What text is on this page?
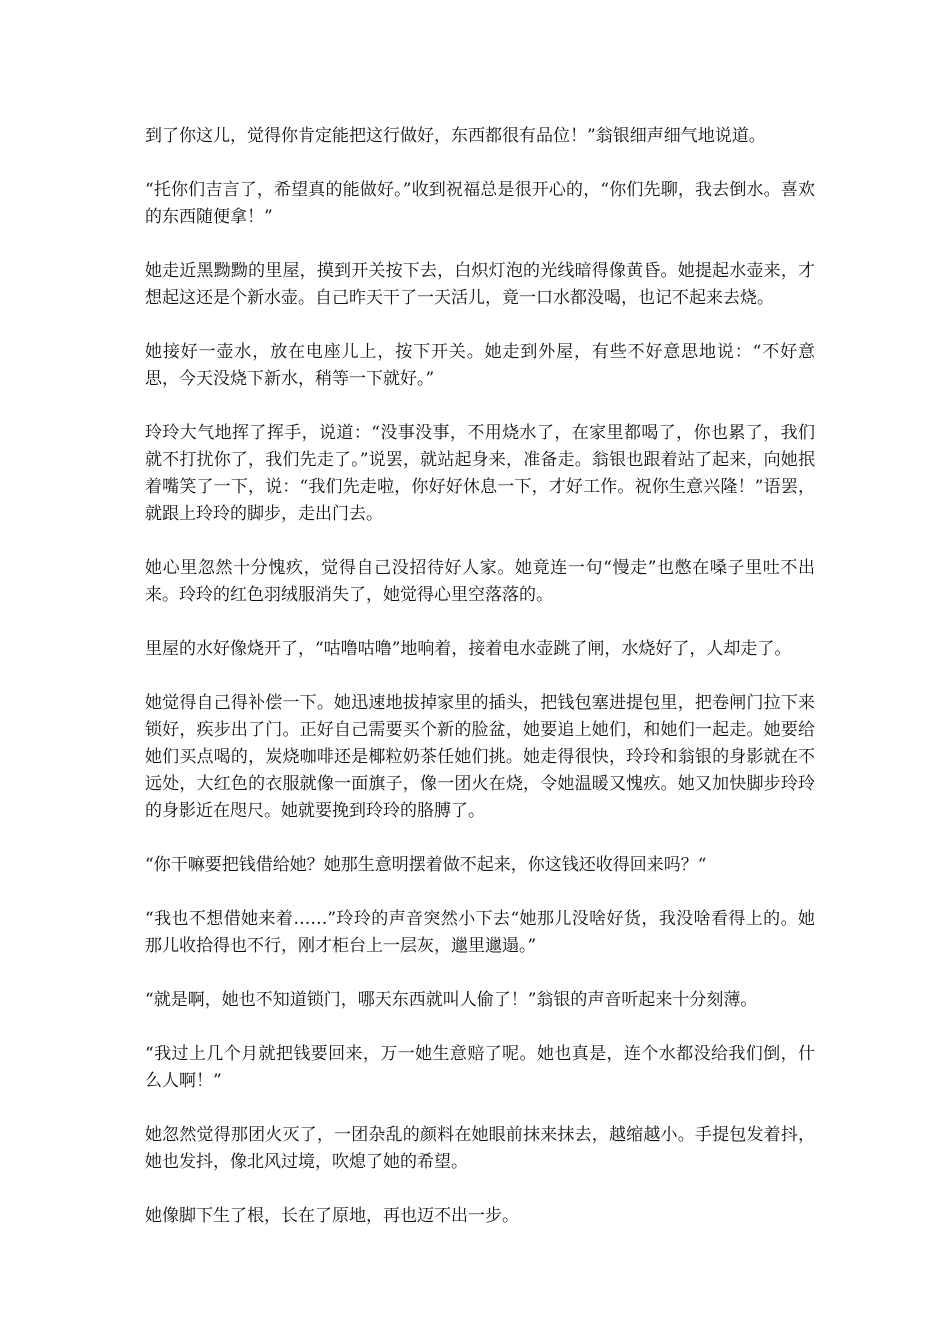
到了你这儿，觉得你肯定能把这行做好，东西都很有品位！”翁银细声细气地说道。

“托你们吉言了，希望真的能做好。”收到祝福总是很开心的，“你们先聊，我去倒水。喜欢的东西随便拿！”

她走近黑黝黝的里屋，摸到开关按下去，白炽灯泡的光线暗得像黄昏。她提起水壶来，才想起这还是个新水壶。自己昨天干了一天活儿，竟一口水都没喝，也记不起来去烧。

她接好一壶水，放在电座儿上，按下开关。她走到外屋，有些不好意思地说：“不好意思，今天没烧下新水，稍等一下就好。”

玲玲大气地挥了挥手，说道：“没事没事，不用烧水了，在家里都喝了，你也累了，我们就不打扰你了，我们先走了。”说罢，就站起身来，准备走。翁银也跟着站了起来，向她抿着嘴笑了一下，说：“我们先走啦，你好好休息一下，才好工作。祝你生意兴隆！”语罢，就跟上玲玲的脚步，走出门去。

她心里忽然十分愧疚，觉得自己没招待好人家。她竟连一句“慢走”也憋在嗓子里吐不出来。玲玲的红色羽绒服消失了，她觉得心里空落落的。

里屋的水好像烧开了，“咕噜咕噜”地响着，接着电水壶跳了闸，水烧好了，人却走了。

她觉得自己得补偿一下。她迅速地拔掉家里的插头，把钱包塞进提包里，把卷闸门拉下来锁好，疾步出了门。正好自己需要买个新的脸盆，她要追上她们，和她们一起走。她要给她们买点喝的，炭烧咖啡还是椰粒奶茶任她们挑。她走得很快，玲玲和翁银的身影就在不远处，大红色的衣服就像一面旗子，像一团火在烧，令她温暖又愧疚。她又加快脚步玲玲的身影近在咫尺。她就要挽到玲玲的胳膊了。

“你干嘛要把钱借给她？她那生意明摆着做不起来，你这钱还收得回来吗？“

“我也不想借她来着……”玲玲的声音突然小下去“她那儿没啥好货，我没啥看得上的。她那儿收拾得也不行，刚才柜台上一层灰，邋里邋遢。”

“就是啊，她也不知道锁门，哪天东西就叫人偷了！”翁银的声音听起来十分刻薄。

“我过上几个月就把钱要回来，万一她生意赔了呢。她也真是，连个水都没给我们倒，什么人啊！”

她忽然觉得那团火灭了，一团杂乱的颜料在她眼前抹来抹去，越缩越小。手提包发着抖，她也发抖，像北风过境，吹熄了她的希望。

她像脚下生了根，长在了原地，再也迈不出一步。
